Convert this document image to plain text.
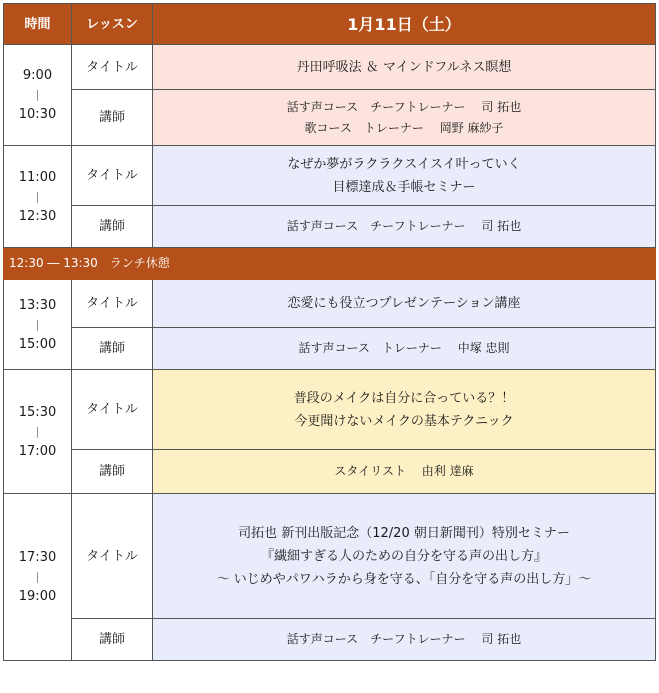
時間	レッスン	1月11日（土）

9:00
|
10:30	タイトル	丹田呼吸法 ＆ マインドフルネス瞑想

	講師	話す声コース　チーフトレーナー　 司 拓也
歌コース　トレーナー　 岡野 麻紗子

11:00
|
12:30	タイトル	なぜか夢がラクラクスイスイ叶っていく
目標達成＆手帳セミナー

	講師	話す声コース　チーフトレーナー　 司 拓也

12:30 ― 13:30　ランチ休憩		

13:30
|
15:00	タイトル	恋愛にも役立つプレゼンテーション講座

	講師	話す声コース　トレーナー　 中塚 忠則

15:30
|
17:00	タイトル	普段のメイクは自分に合っている？！
今更聞けないメイクの基本テクニック

	講師	スタイリスト　 由利 達麻

17:30
|
19:00	タイトル	司拓也 新刊出版記念（12/20 朝日新聞刊）特別セミナー
『繊細すぎる人のための自分を守る声の出し方』
〜 いじめやパワハラから身を守る、「自分を守る声の出し方」〜

	講師	話す声コース　チーフトレーナー　 司 拓也
